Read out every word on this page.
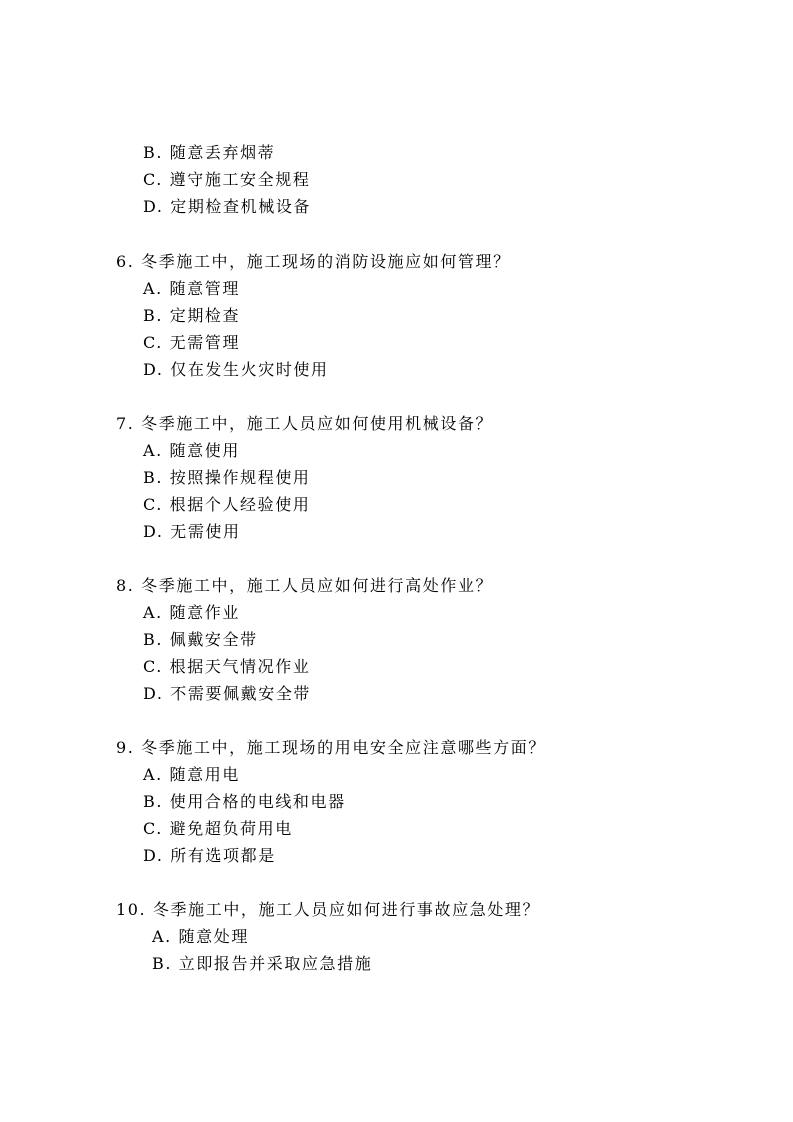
B. 随意丢弃烟蒂
C. 遵守施工安全规程
D. 定期检查机械设备
6. 冬季施工中，施工现场的消防设施应如何管理？
A. 随意管理
B. 定期检查
C. 无需管理
D. 仅在发生火灾时使用
7. 冬季施工中，施工人员应如何使用机械设备？
A. 随意使用
B. 按照操作规程使用
C. 根据个人经验使用
D. 无需使用
8. 冬季施工中，施工人员应如何进行高处作业？
A. 随意作业
B. 佩戴安全带
C. 根据天气情况作业
D. 不需要佩戴安全带
9. 冬季施工中，施工现场的用电安全应注意哪些方面？
A. 随意用电
B. 使用合格的电线和电器
C. 避免超负荷用电
D. 所有选项都是
10. 冬季施工中，施工人员应如何进行事故应急处理？
A. 随意处理
B. 立即报告并采取应急措施
